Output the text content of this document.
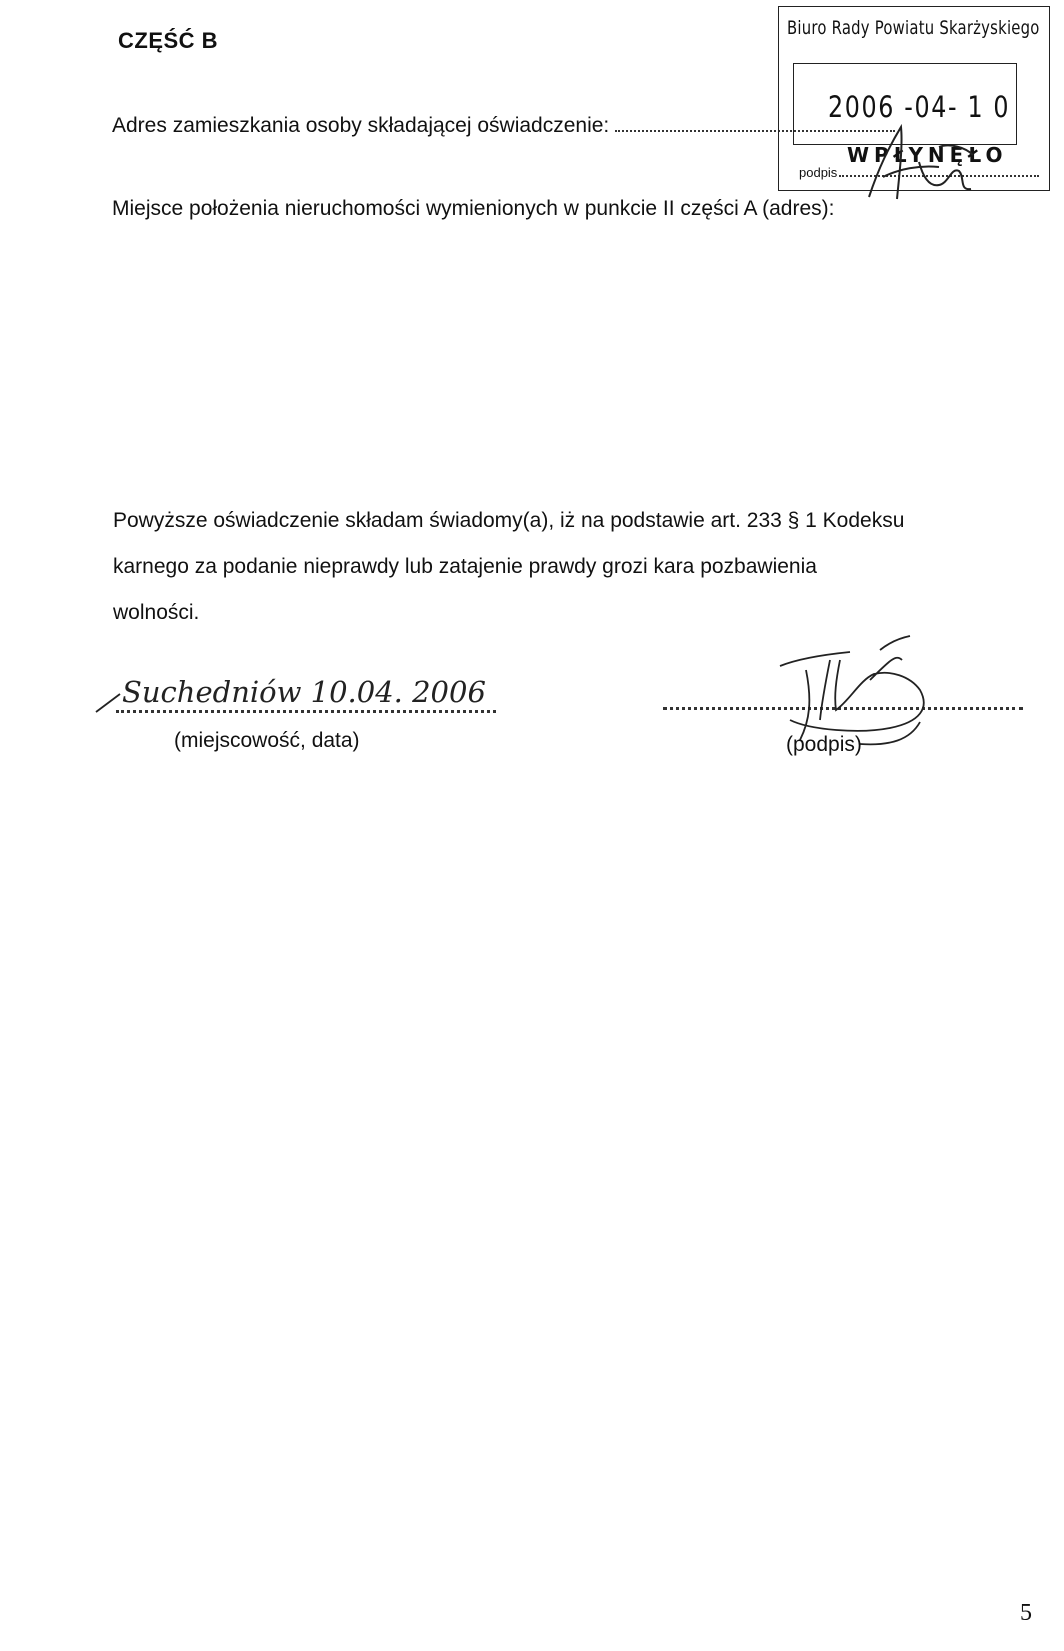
CZĘŚĆ B
Adres zamieszkania osoby składającej oświadczenie:
Miejsce położenia nieruchomości wymienionych w punkcie II części A (adres):
Biuro Rady Powiatu Skarżyskiego
2006 -04- 1 0
WPŁYNĘŁO
podpis
Powyższe oświadczenie składam świadomy(a), iż na podstawie art. 233 § 1 Kodeksu
karnego za podanie nieprawdy lub zatajenie prawdy grozi kara pozbawienia
wolności.
Suchedniów 10.04. 2006
(miejscowość, data)	(podpis)
5
